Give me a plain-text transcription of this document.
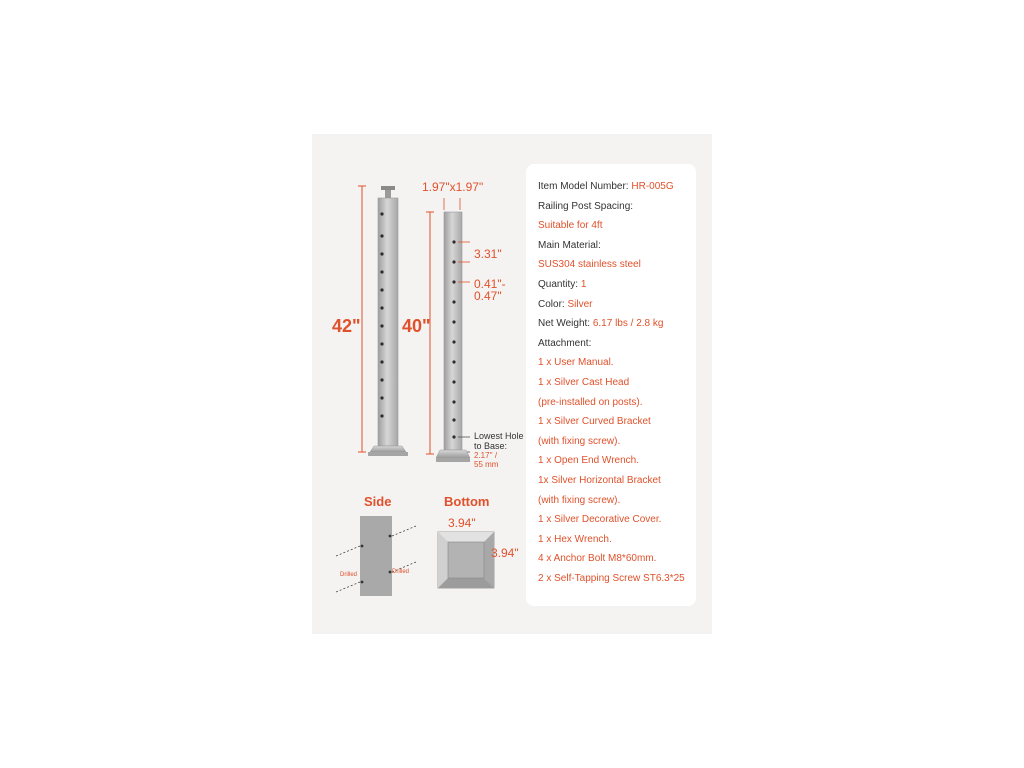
42" 40"
1.97"x1.97"
3.31"
0.41"-
0.47"
Lowest Hole
to Base:
2.17'' /
55 mm
Side	Bottom
3.94"
3.94"
Drilled	Drilled
Item Model Number: HR-005G
Railing Post Spacing:
Suitable for 4ft
Main Material:
SUS304 stainless steel
Quantity: 1
Color: Silver
Net Weight: 6.17 lbs / 2.8 kg
Attachment:
1 x User Manual.
1 x Silver Cast Head
(pre-installed on posts).
1 x Silver Curved Bracket
(with fixing screw).
1 x Open End Wrench.
1x Silver Horizontal Bracket
(with fixing screw).
1 x Silver Decorative Cover.
1 x Hex Wrench.
4 x Anchor Bolt M8*60mm.
2 x Self-Tapping Screw ST6.3*25
